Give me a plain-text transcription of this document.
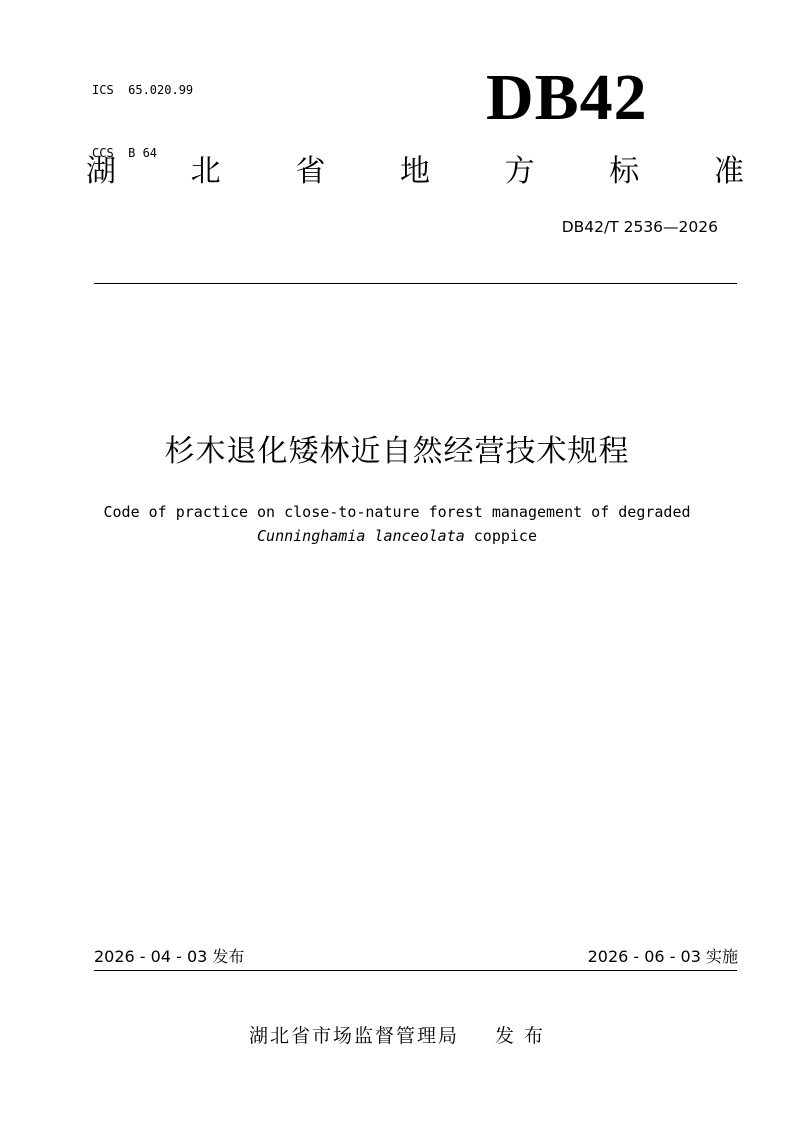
ICS  65.020.99

CCS  B 64

DB42
湖 北 省 地 方 标 准
DB42/T 2536—2026
杉木退化矮林近自然经营技术规程
Code of practice on close-to-nature forest management of degraded
Cunninghamia lanceolata coppice
2026 - 04 - 03 发布	2026 - 06 - 03 实施
湖北省市场监督管理局 发 布
